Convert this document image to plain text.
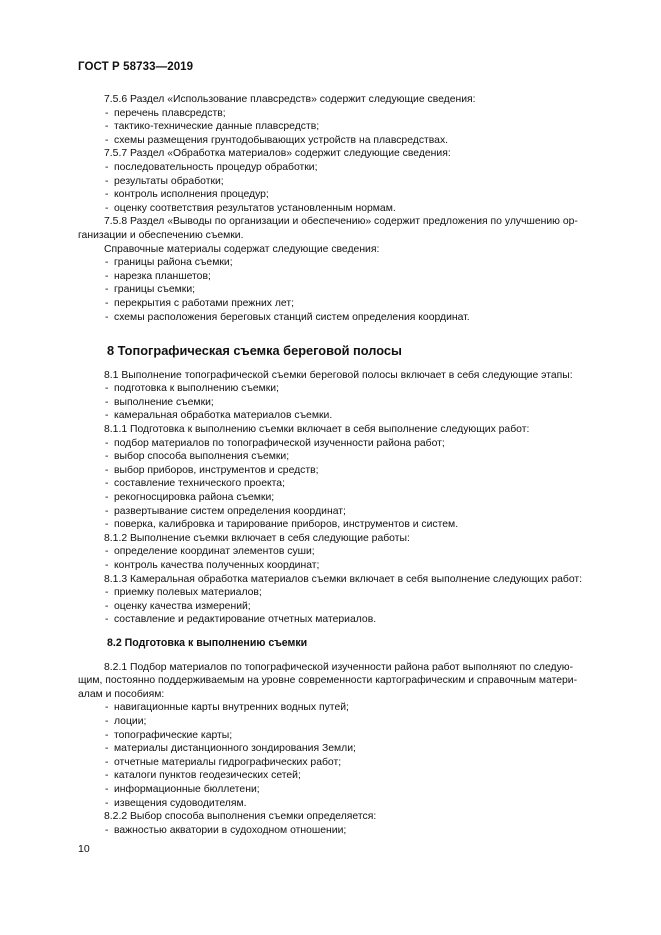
ГОСТ Р 58733—2019
7.5.6 Раздел «Использование плавсредств» содержит следующие сведения:
- перечень плавсредств;
- тактико-технические данные плавсредств;
- схемы размещения грунтодобывающих устройств на плавсредствах.
7.5.7 Раздел «Обработка материалов» содержит следующие сведения:
- последовательность процедур обработки;
- результаты обработки;
- контроль исполнения процедур;
- оценку соответствия результатов установленным нормам.
7.5.8 Раздел «Выводы по организации и обеспечению» содержит предложения по улучшению ор-
ганизации и обеспечению съемки.
Справочные материалы содержат следующие сведения:
- границы района съемки;
- нарезка планшетов;
- границы съемки;
- перекрытия с работами прежних лет;
- схемы расположения береговых станций систем определения координат.
8 Топографическая съемка береговой полосы
8.1 Выполнение топографической съемки береговой полосы включает в себя следующие этапы:
- подготовка к выполнению съемки;
- выполнение съемки;
- камеральная обработка материалов съемки.
8.1.1 Подготовка к выполнению съемки включает в себя выполнение следующих работ:
- подбор материалов по топографической изученности района работ;
- выбор способа выполнения съемки;
- выбор приборов, инструментов и средств;
- составление технического проекта;
- рекогносцировка района съемки;
- развертывание систем определения координат;
- поверка, калибровка и тарирование приборов, инструментов и систем.
8.1.2 Выполнение съемки включает в себя следующие работы:
- определение координат элементов суши;
- контроль качества полученных координат;
8.1.3 Камеральная обработка материалов съемки включает в себя выполнение следующих работ:
- приемку полевых материалов;
- оценку качества измерений;
- составление и редактирование отчетных материалов.
8.2 Подготовка к выполнению съемки
8.2.1 Подбор материалов по топографической изученности района работ выполняют по следую-
щим, постоянно поддерживаемым на уровне современности картографическим и справочным матери-
алам и пособиям:
- навигационные карты внутренних водных путей;
- лоции;
- топографические карты;
- материалы дистанционного зондирования Земли;
- отчетные материалы гидрографических работ;
- каталоги пунктов геодезических сетей;
- информационные бюллетени;
- извещения судоводителям.
8.2.2 Выбор способа выполнения съемки определяется:
- важностью акватории в судоходном отношении;
10
